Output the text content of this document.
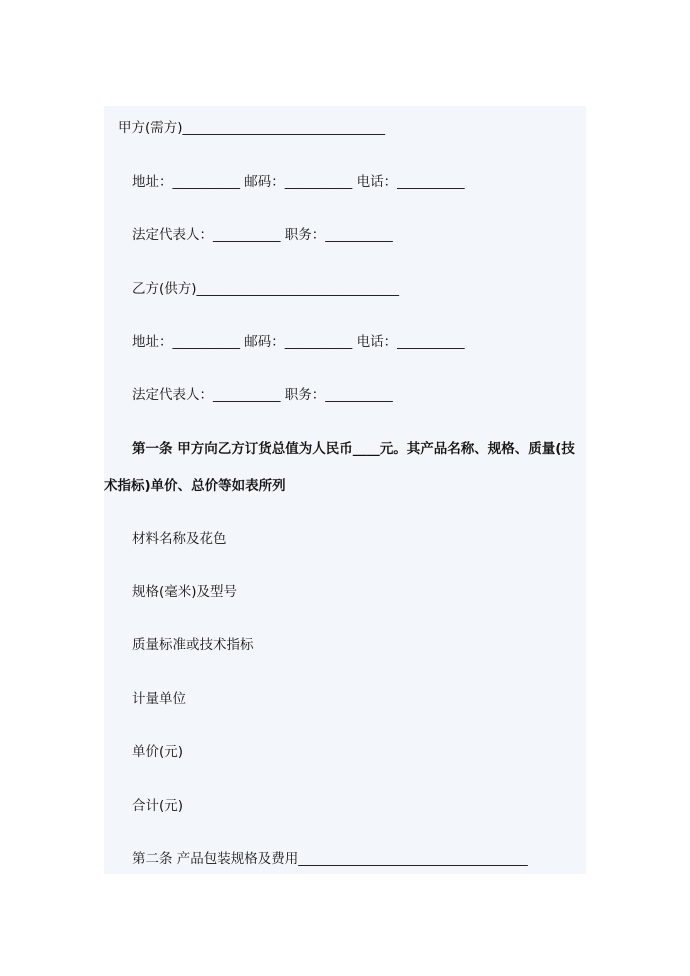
甲方(需方)______________________________
地址：__________ 邮码：__________ 电话：__________
法定代表人：__________ 职务：__________
乙方(供方)______________________________
地址：__________ 邮码：__________ 电话：__________
法定代表人：__________ 职务：__________
第一条 甲方向乙方订货总值为人民币____元。其产品名称、规格、质量(技
术指标)单价、总价等如表所列
材料名称及花色
规格(毫米)及型号
质量标准或技术指标
计量单位
单价(元)
合计(元)
第二条 产品包装规格及费用__________________________________
